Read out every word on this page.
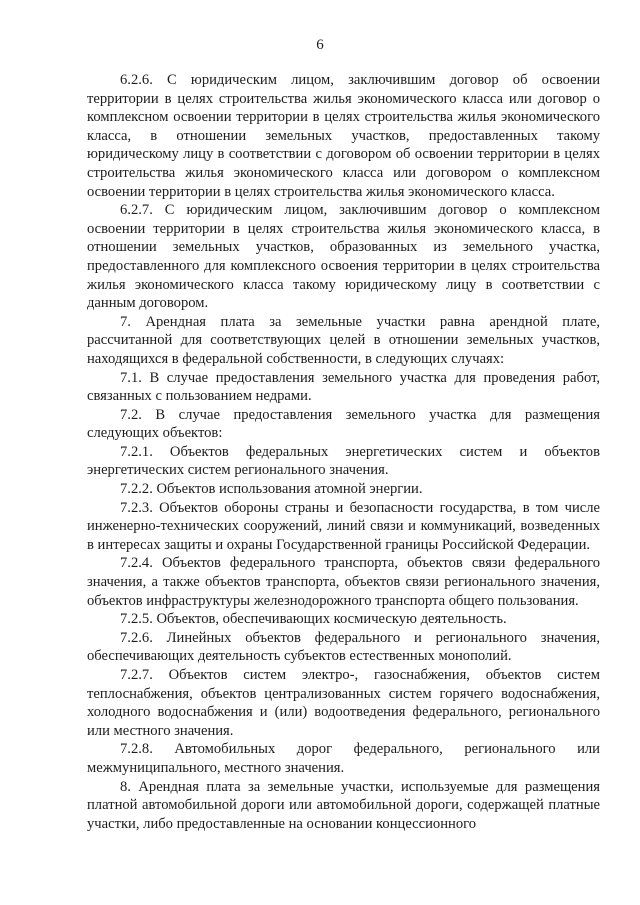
6

6.2.6. С юридическим лицом, заключившим договор об освоении территории в целях строительства жилья экономического класса или договор о комплексном освоении территории в целях строительства жилья экономического класса, в отношении земельных участков, предоставленных такому юридическому лицу в соответствии с договором об освоении территории в целях строительства жилья экономического класса или договором о комплексном освоении территории в целях строительства жилья экономического класса.

6.2.7. С юридическим лицом, заключившим договор о комплексном освоении территории в целях строительства жилья экономического класса, в отношении земельных участков, образованных из земельного участка, предоставленного для комплексного освоения территории в целях строительства жилья экономического класса такому юридическому лицу в соответствии с данным договором.

7. Арендная плата за земельные участки равна арендной плате, рассчитанной для соответствующих целей в отношении земельных участков, находящихся в федеральной собственности, в следующих случаях:

7.1. В случае предоставления земельного участка для проведения работ, связанных с пользованием недрами.

7.2. В случае предоставления земельного участка для размещения следующих объектов:

7.2.1. Объектов федеральных энергетических систем и объектов энергетических систем регионального значения.

7.2.2. Объектов использования атомной энергии.

7.2.3. Объектов обороны страны и безопасности государства, в том числе инженерно-технических сооружений, линий связи и коммуникаций, возведенных в интересах защиты и охраны Государственной границы Российской Федерации.

7.2.4. Объектов федерального транспорта, объектов связи федерального значения, а также объектов транспорта, объектов связи регионального значения, объектов инфраструктуры железнодорожного транспорта общего пользования.

7.2.5. Объектов, обеспечивающих космическую деятельность.

7.2.6. Линейных объектов федерального и регионального значения, обеспечивающих деятельность субъектов естественных монополий.

7.2.7. Объектов систем электро-, газоснабжения, объектов систем теплоснабжения, объектов централизованных систем горячего водоснабжения, холодного водоснабжения и (или) водоотведения федерального, регионального или местного значения.

7.2.8. Автомобильных дорог федерального, регионального или межмуниципального, местного значения.

8. Арендная плата за земельные участки, используемые для размещения платной автомобильной дороги или автомобильной дороги, содержащей платные участки, либо предоставленные на основании концессионного
